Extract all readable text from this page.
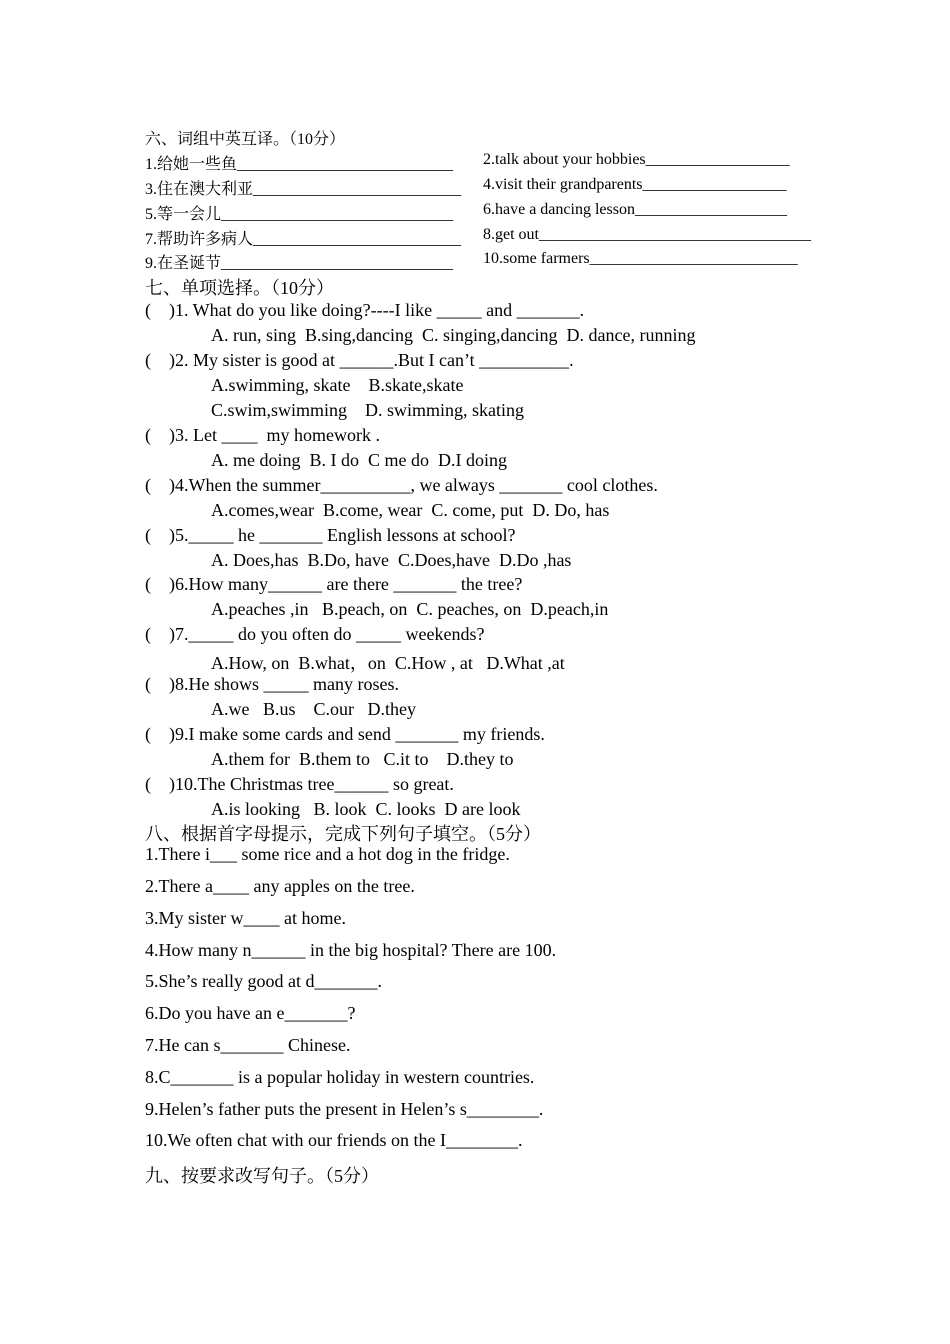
六、词组中英互译。（10分）
1.给她一些鱼___________________________ 2.talk about your hobbies__________________
3.住在澳大利亚__________________________ 4.visit their grandparents__________________
5.等一会儿_____________________________ 6.have a dancing lesson___________________
7.帮助许多病人__________________________ 8.get out__________________________________
9.在圣诞节_____________________________ 10.some farmers__________________________
七、单项选择。（10分）
(    )1. What do you like doing?----I like _____ and _______.
A. run, sing  B.sing,dancing  C. singing,dancing  D. dance, running
(    )2. My sister is good at ______.But I can’t __________.
A.swimming, skate    B.skate,skate
C.swim,swimming    D. swimming, skating
(    )3. Let ____  my homework .
A. me doing  B. I do  C me do  D.I doing
(    )4.When the summer__________, we always _______ cool clothes.
A.comes,wear  B.come, wear  C. come, put  D. Do, has
(    )5._____ he _______ English lessons at school?
A. Does,has  B.Do, have  C.Does,have  D.Do ,has
(    )6.How many______ are there _______ the tree?
A.peaches ,in   B.peach, on  C. peaches, on  D.peach,in
(    )7._____ do you often do _____ weekends?
A.How, on  B.what，on  C.How , at   D.What ,at
(    )8.He shows _____ many roses.
A.we   B.us    C.our   D.they
(    )9.I make some cards and send _______ my friends.
A.them for  B.them to   C.it to    D.they to
(    )10.The Christmas tree______ so great.
A.is looking   B. look  C. looks  D are look
八、根据首字母提示，完成下列句子填空。（5分）
1.There i___ some rice and a hot dog in the fridge.
2.There a____ any apples on the tree.
3.My sister w____ at home.
4.How many n______ in the big hospital? There are 100.
5.She’s really good at d_______.
6.Do you have an e_______?
7.He can s_______ Chinese.
8.C_______ is a popular holiday in western countries.
9.Helen’s father puts the present in Helen’s s________.
10.We often chat with our friends on the I________.
九、按要求改写句子。（5分）
